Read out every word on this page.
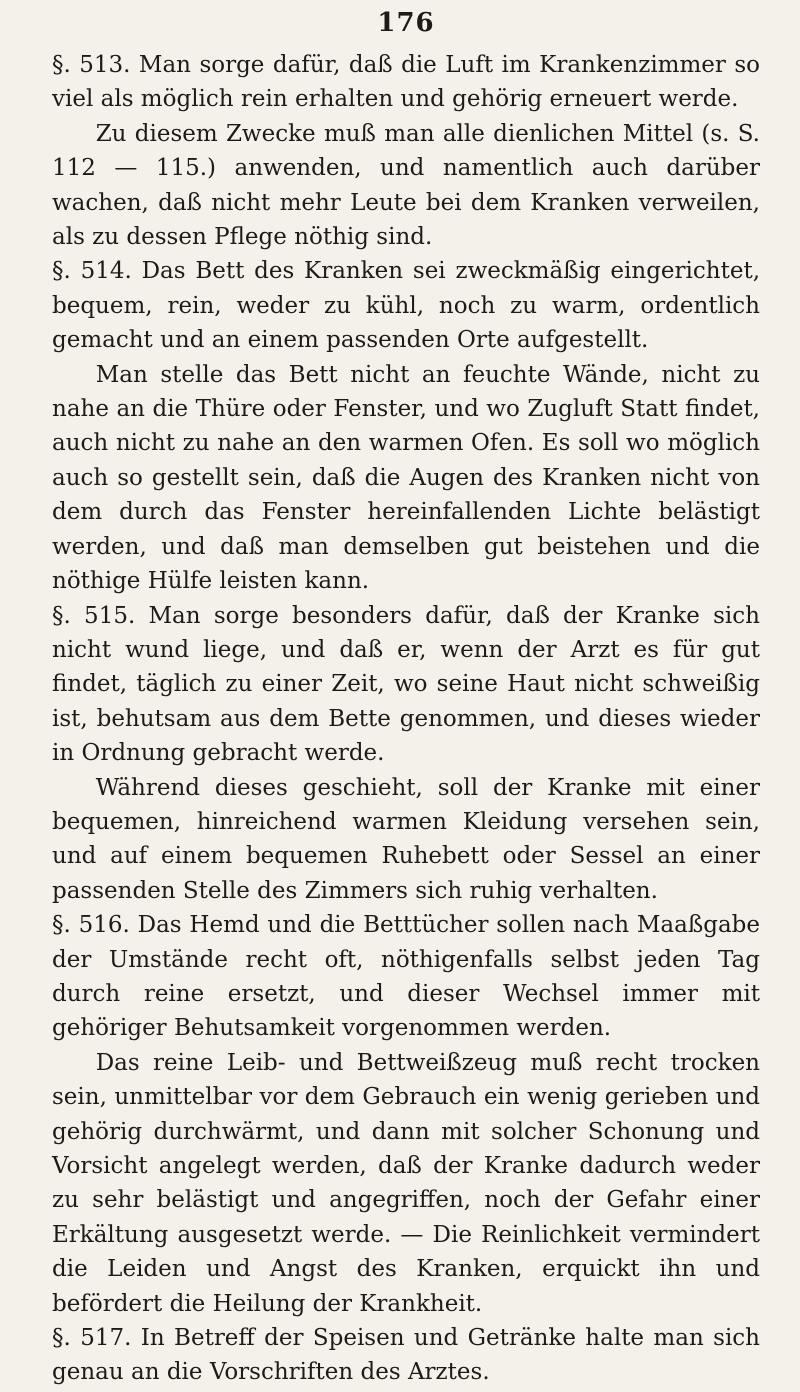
176

§. 513. Man sorge dafür, daß die Luft im Krankenzimmer so viel als möglich rein erhalten und gehörig erneuert werde.

Zu diesem Zwecke muß man alle dienlichen Mittel (s. S. 112 — 115.) anwenden, und namentlich auch darüber wachen, daß nicht mehr Leute bei dem Kranken verweilen, als zu dessen Pflege nöthig sind.

§. 514. Das Bett des Kranken sei zweckmäßig eingerichtet, bequem, rein, weder zu kühl, noch zu warm, ordentlich gemacht und an einem passenden Orte aufgestellt.

Man stelle das Bett nicht an feuchte Wände, nicht zu nahe an die Thüre oder Fenster, und wo Zugluft Statt findet, auch nicht zu nahe an den warmen Ofen. Es soll wo möglich auch so gestellt sein, daß die Augen des Kranken nicht von dem durch das Fenster hereinfallenden Lichte belästigt werden, und daß man demselben gut beistehen und die nöthige Hülfe leisten kann.

§. 515. Man sorge besonders dafür, daß der Kranke sich nicht wund liege, und daß er, wenn der Arzt es für gut findet, täglich zu einer Zeit, wo seine Haut nicht schweißig ist, behutsam aus dem Bette genommen, und dieses wieder in Ordnung gebracht werde.

Während dieses geschieht, soll der Kranke mit einer bequemen, hinreichend warmen Kleidung versehen sein, und auf einem bequemen Ruhebett oder Sessel an einer passenden Stelle des Zimmers sich ruhig verhalten.

§. 516. Das Hemd und die Betttücher sollen nach Maaßgabe der Umstände recht oft, nöthigenfalls selbst jeden Tag durch reine ersetzt, und dieser Wechsel immer mit gehöriger Behutsamkeit vorgenommen werden.

Das reine Leib- und Bettweißzeug muß recht trocken sein, unmittelbar vor dem Gebrauch ein wenig gerieben und gehörig durchwärmt, und dann mit solcher Schonung und Vorsicht angelegt werden, daß der Kranke dadurch weder zu sehr belästigt und angegriffen, noch der Gefahr einer Erkältung ausgesetzt werde. — Die Reinlichkeit vermindert die Leiden und Angst des Kranken, erquickt ihn und befördert die Heilung der Krankheit.

§. 517. In Betreff der Speisen und Getränke halte man sich genau an die Vorschriften des Arztes.
